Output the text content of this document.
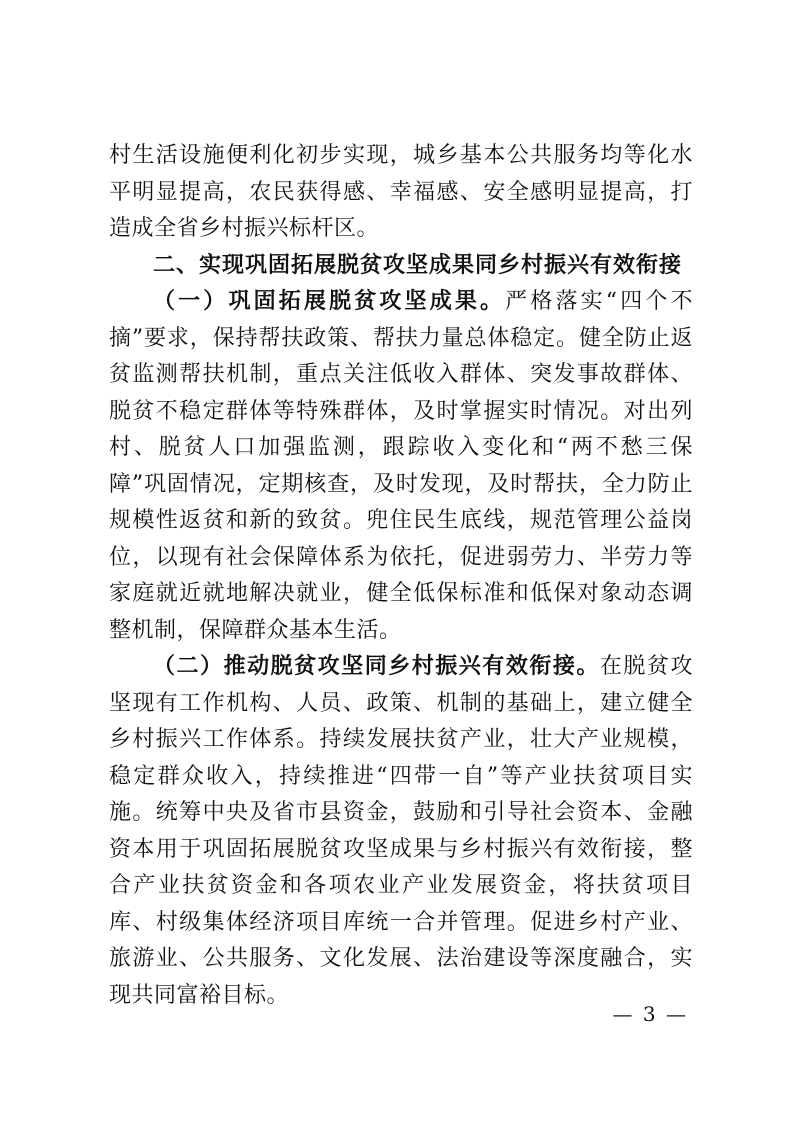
村生活设施便利化初步实现，城乡基本公共服务均等化水平明显提高，农民获得感、幸福感、安全感明显提高，打造成全省乡村振兴标杆区。

二、实现巩固拓展脱贫攻坚成果同乡村振兴有效衔接

（一）巩固拓展脱贫攻坚成果。严格落实“四个不摘”要求，保持帮扶政策、帮扶力量总体稳定。健全防止返贫监测帮扶机制，重点关注低收入群体、突发事故群体、脱贫不稳定群体等特殊群体，及时掌握实时情况。对出列村、脱贫人口加强监测，跟踪收入变化和“两不愁三保障”巩固情况，定期核查，及时发现，及时帮扶，全力防止规模性返贫和新的致贫。兜住民生底线，规范管理公益岗位，以现有社会保障体系为依托，促进弱劳力、半劳力等家庭就近就地解决就业，健全低保标准和低保对象动态调整机制，保障群众基本生活。

（二）推动脱贫攻坚同乡村振兴有效衔接。在脱贫攻坚现有工作机构、人员、政策、机制的基础上，建立健全乡村振兴工作体系。持续发展扶贫产业，壮大产业规模，稳定群众收入，持续推进“四带一自”等产业扶贫项目实施。统筹中央及省市县资金，鼓励和引导社会资本、金融资本用于巩固拓展脱贫攻坚成果与乡村振兴有效衔接，整合产业扶贫资金和各项农业产业发展资金，将扶贫项目库、村级集体经济项目库统一合并管理。促进乡村产业、旅游业、公共服务、文化发展、法治建设等深度融合，实现共同富裕目标。

— 3 —
